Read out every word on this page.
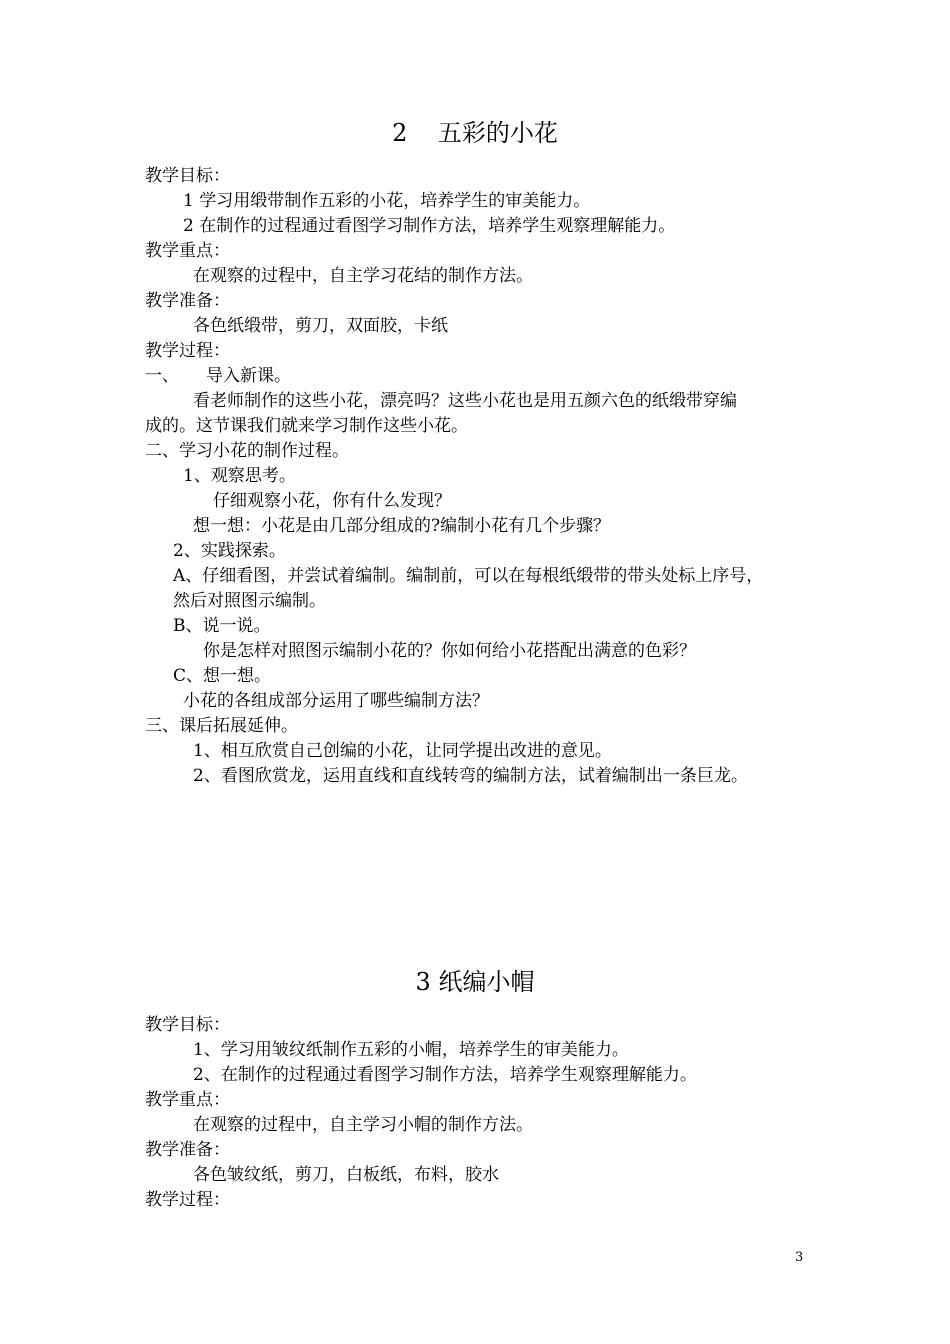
2    五彩的小花
教学目标：
1 学习用缎带制作五彩的小花，培养学生的审美能力。
2 在制作的过程通过看图学习制作方法，培养学生观察理解能力。
教学重点：
在观察的过程中，自主学习花结的制作方法。
教学准备：
各色纸缎带，剪刀，双面胶，卡纸
教学过程：
一、     导入新课。
看老师制作的这些小花，漂亮吗？这些小花也是用五颜六色的纸缎带穿编
成的。这节课我们就来学习制作这些小花。
二、学习小花的制作过程。
1、观察思考。
仔细观察小花，你有什么发现？
想一想：小花是由几部分组成的?编制小花有几个步骤？
2、实践探索。
A、仔细看图，并尝试着编制。编制前，可以在每根纸缎带的带头处标上序号，
然后对照图示编制。
B、说一说。
你是怎样对照图示编制小花的？你如何给小花搭配出满意的色彩？
C、想一想。
小花的各组成部分运用了哪些编制方法？
三、课后拓展延伸。
1、相互欣赏自己创编的小花，让同学提出改进的意见。
2、看图欣赏龙，运用直线和直线转弯的编制方法，试着编制出一条巨龙。
3 纸编小帽
教学目标：
1、学习用皱纹纸制作五彩的小帽，培养学生的审美能力。
2、在制作的过程通过看图学习制作方法，培养学生观察理解能力。
教学重点：
在观察的过程中，自主学习小帽的制作方法。
教学准备：
各色皱纹纸，剪刀，白板纸，布料，胶水
教学过程：
3
